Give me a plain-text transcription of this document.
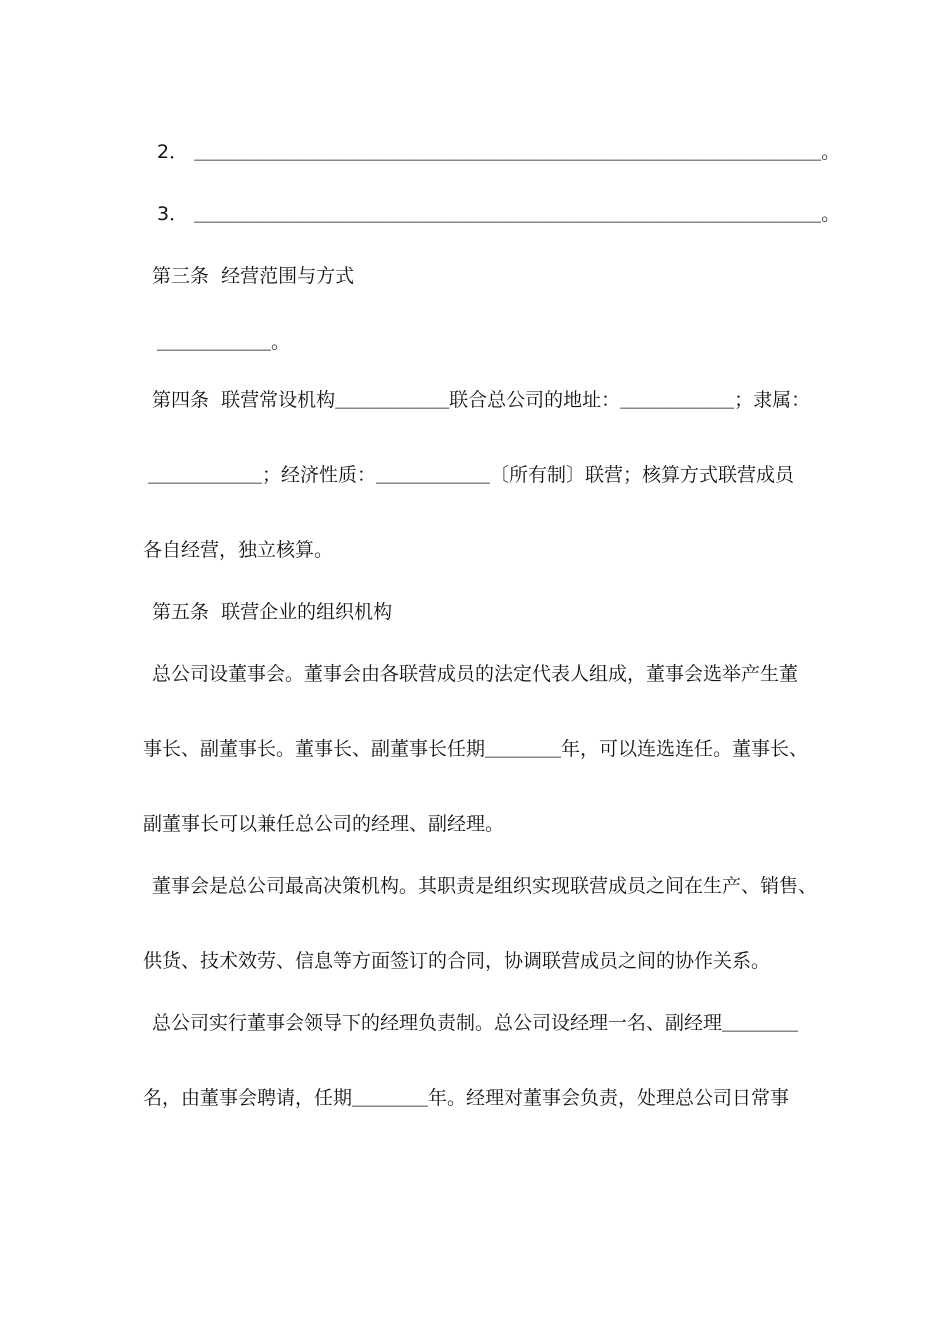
2． ＿＿＿＿＿＿＿＿＿＿＿＿＿＿＿＿＿＿＿＿＿＿＿＿＿＿＿＿＿＿＿＿＿。
3． ＿＿＿＿＿＿＿＿＿＿＿＿＿＿＿＿＿＿＿＿＿＿＿＿＿＿＿＿＿＿＿＿＿。
第三条  经营范围与方式
＿＿＿＿＿＿。
第四条  联营常设机构＿＿＿＿＿＿联合总公司的地址：＿＿＿＿＿＿；隶属：
＿＿＿＿＿＿；经济性质：＿＿＿＿＿＿〔所有制〕联营；核算方式联营成员
各自经营，独立核算。
第五条  联营企业的组织机构
总公司设董事会。董事会由各联营成员的法定代表人组成，董事会选举产生董
事长、副董事长。董事长、副董事长任期＿＿＿＿年，可以连选连任。董事长、
副董事长可以兼任总公司的经理、副经理。
董事会是总公司最高决策机构。其职责是组织实现联营成员之间在生产、销售、
供货、技术效劳、信息等方面签订的合同，协调联营成员之间的协作关系。
总公司实行董事会领导下的经理负责制。总公司设经理一名、副经理＿＿＿＿
名，由董事会聘请，任期＿＿＿＿年。经理对董事会负责，处理总公司日常事
